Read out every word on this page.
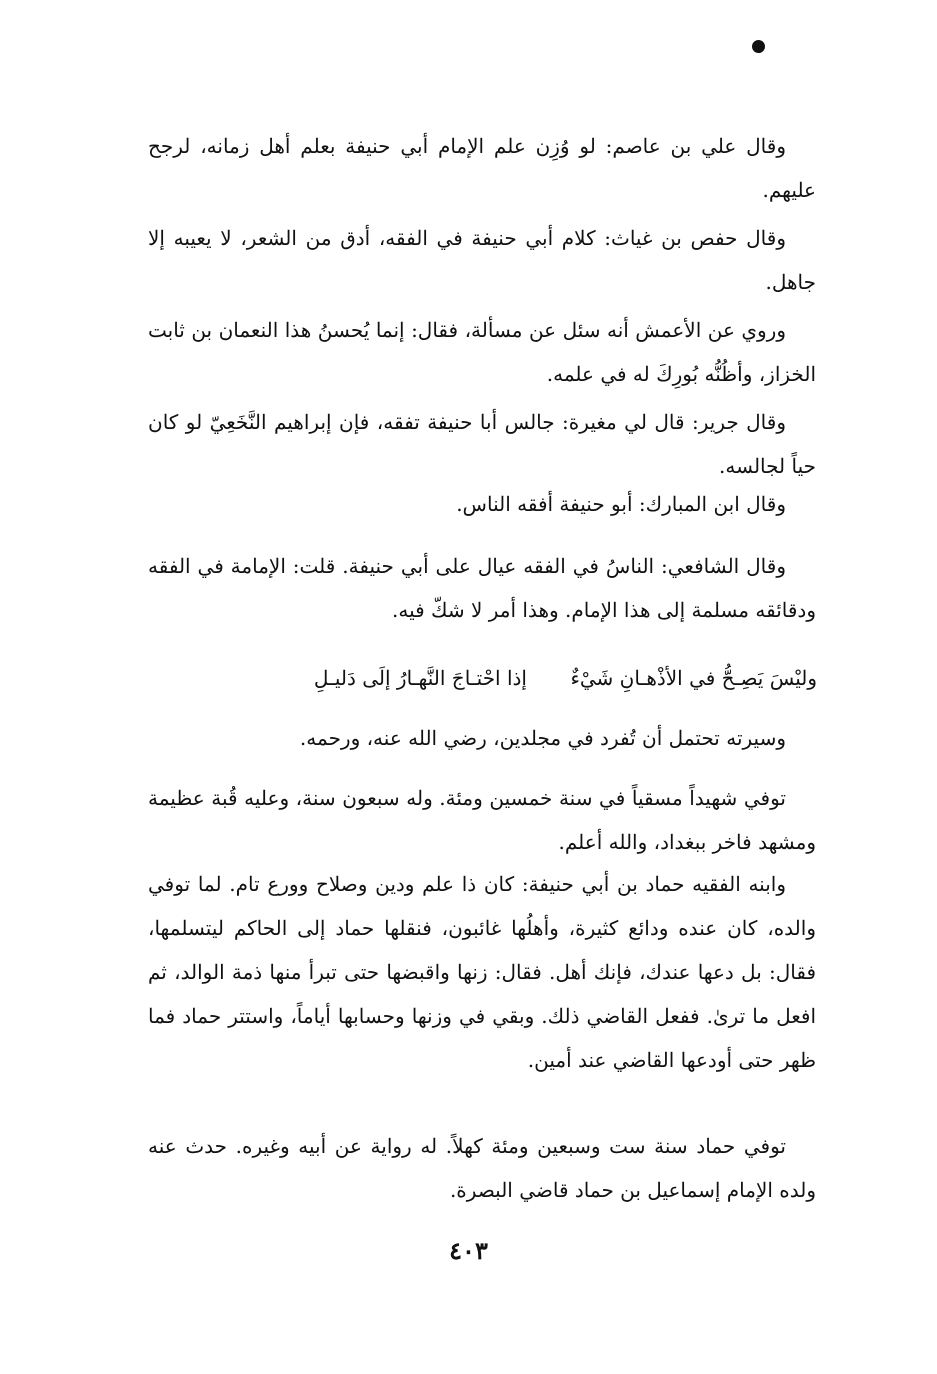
وقال علي بن عاصم: لو وُزِن علم الإمام أبي حنيفة بعلم أهل زمانه، لرجح عليهم.
وقال حفص بن غياث: كلام أبي حنيفة في الفقه، أدق من الشعر، لا يعيبه إلا جاهل.
وروي عن الأعمش أنه سئل عن مسألة، فقال: إنما يُحسنُ هذا النعمان بن ثابت الخزاز، وأظُنُّه بُورِكَ له في علمه.
وقال جرير: قال لي مغيرة: جالس أبا حنيفة تفقه، فإن إبراهيم النَّخَعِيّ لو كان حياً لجالسه.
وقال ابن المبارك: أبو حنيفة أفقه الناس.
وقال الشافعي: الناسُ في الفقه عيال على أبي حنيفة. قلت: الإمامة في الفقه ودقائقه مسلمة إلى هذا الإمام. وهذا أمر لا شكّ فيه.
وليْسَ يَصِـحُّ في الأذْهـانِ شَيْءٌ
إذا احْتـاجَ النَّهـارُ إلَى دَليـلِ
وسيرته تحتمل أن تُفرد في مجلدين، رضي الله عنه، ورحمه.
توفي شهيداً مسقياً في سنة خمسين ومئة. وله سبعون سنة، وعليه قُبة عظيمة ومشهد فاخر ببغداد، والله أعلم.
وابنه الفقيه حماد بن أبي حنيفة: كان ذا علم ودين وصلاح وورع تام. لما توفي والده، كان عنده ودائع كثيرة، وأهلُها غائبون، فنقلها حماد إلى الحاكم ليتسلمها، فقال: بل دعها عندك، فإنك أهل. فقال: زنها واقبضها حتى تبرأ منها ذمة الوالد، ثم افعل ما ترىٰ. ففعل القاضي ذلك. وبقي في وزنها وحسابها أياماً، واستتر حماد فما ظهر حتى أودعها القاضي عند أمين.
توفي حماد سنة ست وسبعين ومئة كهلاً. له رواية عن أبيه وغيره. حدث عنه ولده الإمام إسماعيل بن حماد قاضي البصرة.
٤٠٣
